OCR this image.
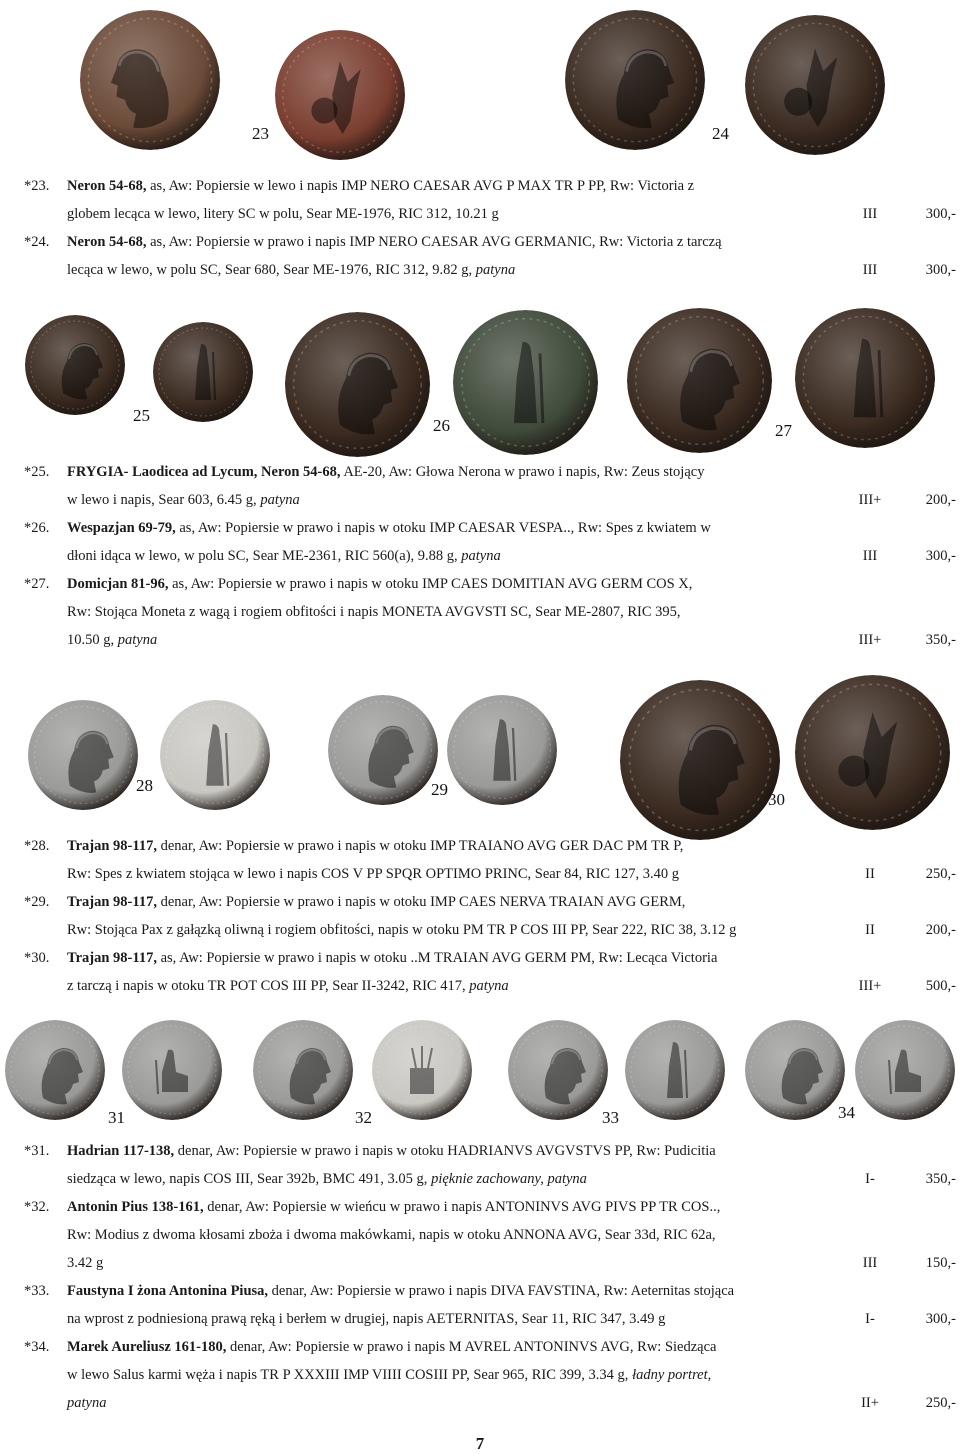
23	24
25
26	27
28	29
30
31	32	33	34
*23. Neron 54-68, as, Aw: Popiersie w lewo i napis IMP NERO CAESAR AVG P MAX TR P PP, Rw: Victoria z
globem lecąca w lewo, litery SC w polu, Sear ME-1976, RIC 312, 10.21 g	III	300,-
*24. Neron 54-68, as, Aw: Popiersie w prawo i napis IMP NERO CAESAR AVG GERMANIC, Rw: Victoria z tarczą
lecąca w lewo, w polu SC, Sear 680, Sear ME-1976, RIC 312, 9.82 g, patyna	III	300,-
*25. FRYGIA- Laodicea ad Lycum, Neron 54-68, AE-20, Aw: Głowa Nerona w prawo i napis, Rw: Zeus stojący
w lewo i napis, Sear 603, 6.45 g, patyna	III+	200,-
*26. Wespazjan 69-79, as, Aw: Popiersie w prawo i napis w otoku IMP CAESAR VESPA.., Rw: Spes z kwiatem w
dłoni idąca w lewo, w polu SC, Sear ME-2361, RIC 560(a), 9.88 g, patyna	III	300,-
*27. Domicjan 81-96, as, Aw: Popiersie w prawo i napis w otoku IMP CAES DOMITIAN AVG GERM COS X,
Rw: Stojąca Moneta z wagą i rogiem obfitości i napis MONETA AVGVSTI SC, Sear ME-2807, RIC 395,
10.50 g, patyna	III+	350,-
*28. Trajan 98-117, denar, Aw: Popiersie w prawo i napis w otoku IMP TRAIANO AVG GER DAC PM TR P,
Rw: Spes z kwiatem stojąca w lewo i napis COS V PP SPQR OPTIMO PRINC, Sear 84, RIC 127, 3.40 g	II	250,-
*29. Trajan 98-117, denar, Aw: Popiersie w prawo i napis w otoku IMP CAES NERVA TRAIAN AVG GERM,
Rw: Stojąca Pax z gałązką oliwną i rogiem obfitości, napis w otoku PM TR P COS III PP, Sear 222, RIC 38, 3.12 g	II	200,-
*30. Trajan 98-117, as, Aw: Popiersie w prawo i napis w otoku ..M TRAIAN AVG GERM PM, Rw: Lecąca Victoria
z tarczą i napis w otoku TR POT COS III PP, Sear II-3242, RIC 417, patyna	III+	500,-
*31. Hadrian 117-138, denar, Aw: Popiersie w prawo i napis w otoku HADRIANVS AVGVSTVS PP, Rw: Pudicitia
siedząca w lewo, napis COS III, Sear 392b, BMC 491, 3.05 g, pięknie zachowany, patyna	I-	350,-
*32. Antonin Pius 138-161, denar, Aw: Popiersie w wieńcu w prawo i napis ANTONINVS AVG PIVS PP TR COS..,
Rw: Modius z dwoma kłosami zboża i dwoma makówkami, napis w otoku ANNONA AVG, Sear 33d, RIC 62a,
3.42 g	III	150,-
*33. Faustyna I żona Antonina Piusa, denar, Aw: Popiersie w prawo i napis DIVA FAVSTINA, Rw: Aeternitas stojąca
na wprost z podniesioną prawą ręką i berłem w drugiej, napis AETERNITAS, Sear 11, RIC 347, 3.49 g	I-	300,-
*34. Marek Aureliusz 161-180, denar, Aw: Popiersie w prawo i napis M AVREL ANTONINVS AVG, Rw: Siedząca
w lewo Salus karmi węża i napis TR P XXXIII IMP VIIII COSIII PP, Sear 965, RIC 399, 3.34 g, ładny portret,
patyna	II+	250,-
7
